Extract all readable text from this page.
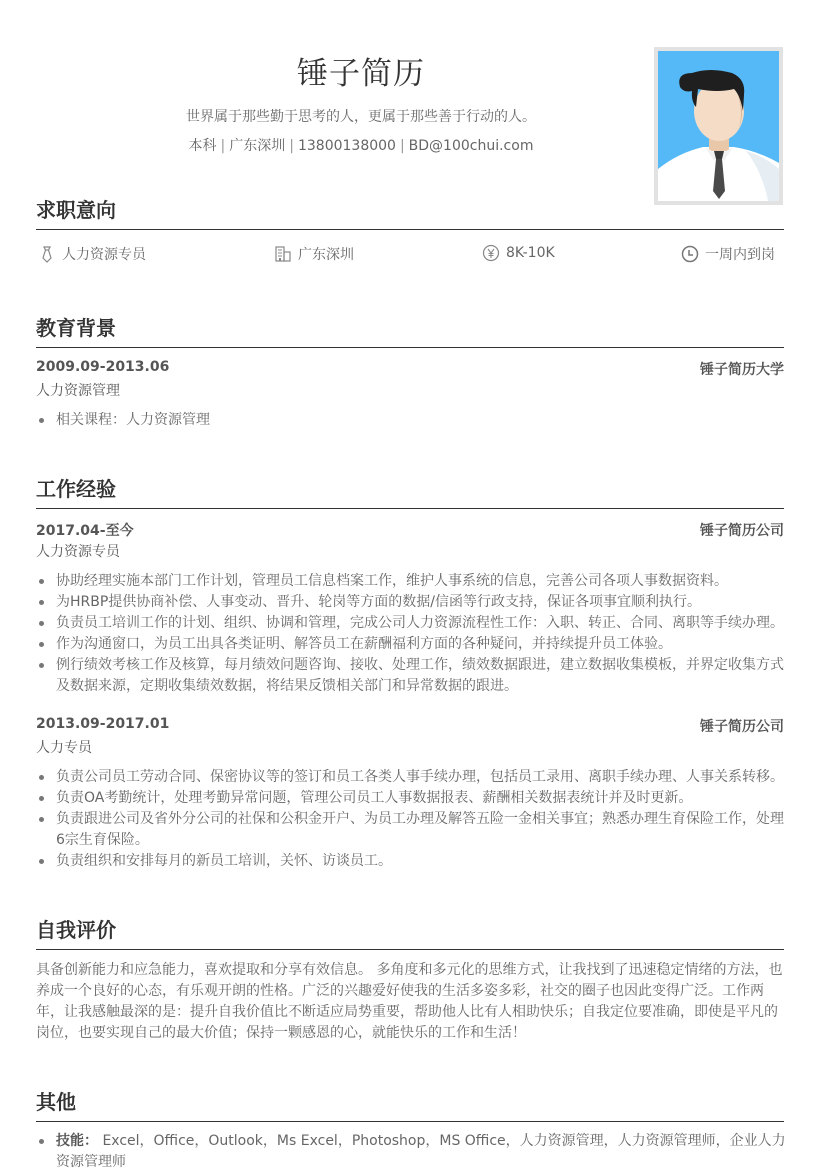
锤子简历
世界属于那些勤于思考的人，更属于那些善于行动的人。
本科 | 广东深圳 | 13800138000 | BD@100chui.com
求职意向
人力资源专员	广东深圳	8K-10K	一周内到岗
教育背景
2009.09-2013.06	锤子简历大学
人力资源管理
相关课程：人力资源管理
工作经验
2017.04-至今	锤子简历公司
人力资源专员
协助经理实施本部门工作计划，管理员工信息档案工作，维护人事系统的信息，完善公司各项人事数据资料。
为HRBP提供协商补偿、人事变动、晋升、轮岗等方面的数据/信函等行政支持，保证各项事宜顺利执行。
负责员工培训工作的计划、组织、协调和管理，完成公司人力资源流程性工作：入职、转正、合同、离职等手续办理。
作为沟通窗口，为员工出具各类证明、解答员工在薪酬福利方面的各种疑问，并持续提升员工体验。
例行绩效考核工作及核算，每月绩效问题咨询、接收、处理工作，绩效数据跟进，建立数据收集模板，并界定收集方式及数据来源，定期收集绩效数据，将结果反馈相关部门和异常数据的跟进。
2013.09-2017.01	锤子简历公司
人力专员
负责公司员工劳动合同、保密协议等的签订和员工各类人事手续办理，包括员工录用、离职手续办理、人事关系转移。
负责OA考勤统计，处理考勤异常问题，管理公司员工人事数据报表、薪酬相关数据表统计并及时更新。
负责跟进公司及省外分公司的社保和公积金开户、为员工办理及解答五险一金相关事宜；熟悉办理生育保险工作，处理6宗生育保险。
负责组织和安排每月的新员工培训，关怀、访谈员工。
自我评价
具备创新能力和应急能力，喜欢提取和分享有效信息。 多角度和多元化的思维方式，让我找到了迅速稳定情绪的方法，也养成一个良好的心态，有乐观开朗的性格。广泛的兴趣爱好使我的生活多姿多彩，社交的圈子也因此变得广泛。工作两年，让我感触最深的是：提升自我价值比不断适应局势重要，帮助他人比有人相助快乐；自我定位要准确，即使是平凡的岗位，也要实现自己的最大价值；保持一颗感恩的心，就能快乐的工作和生活！
其他
技能： Excel，Office，Outlook，Ms Excel，Photoshop，MS Office，人力资源管理，人力资源管理师，企业人力资源管理师
